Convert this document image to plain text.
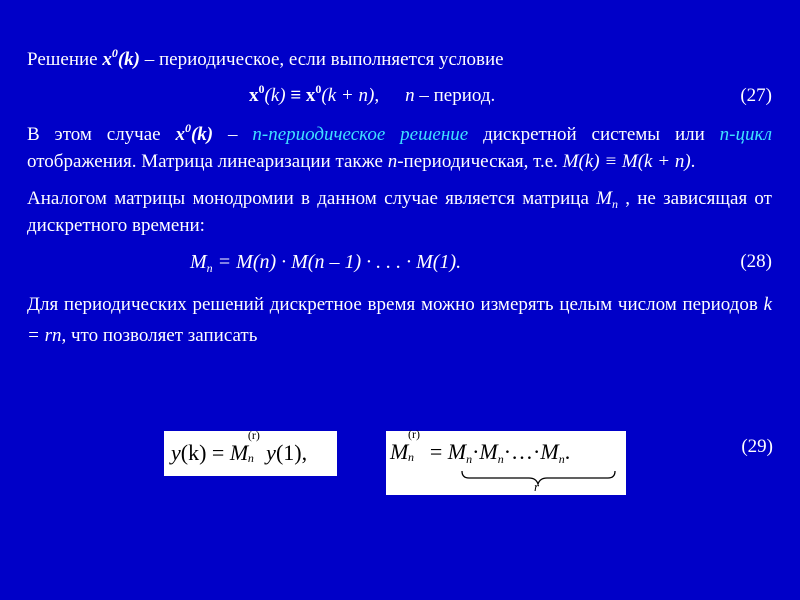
Решение $x^0(k)$ – периодическое, если выполняется условие

$x^0(k) \equiv x^0(k + n)$, n – период.	(27)

В этом случае $x^0(k)$ – n-периодическое решение дискретной системы или n-цикл отображения. Матрица линеаризации также n-периодическая, т.е. M(k) ≡ M(k + n).

Аналогом матрицы монодромии в данном случае является матрица $M_n$ , не зависящая от дискретного времени:

$M_n = M(n) \cdot M(n - 1)$ · . . . · M(1).	(28)

Для периодических решений дискретное время можно измерять целым числом периодов k = rn, что позволяет записать

y(k) = M
(r)
n y(1),	M
(r)
$n = M_n\cdot M_n\cdot\dots\cdot M_n$.
r
(29)
